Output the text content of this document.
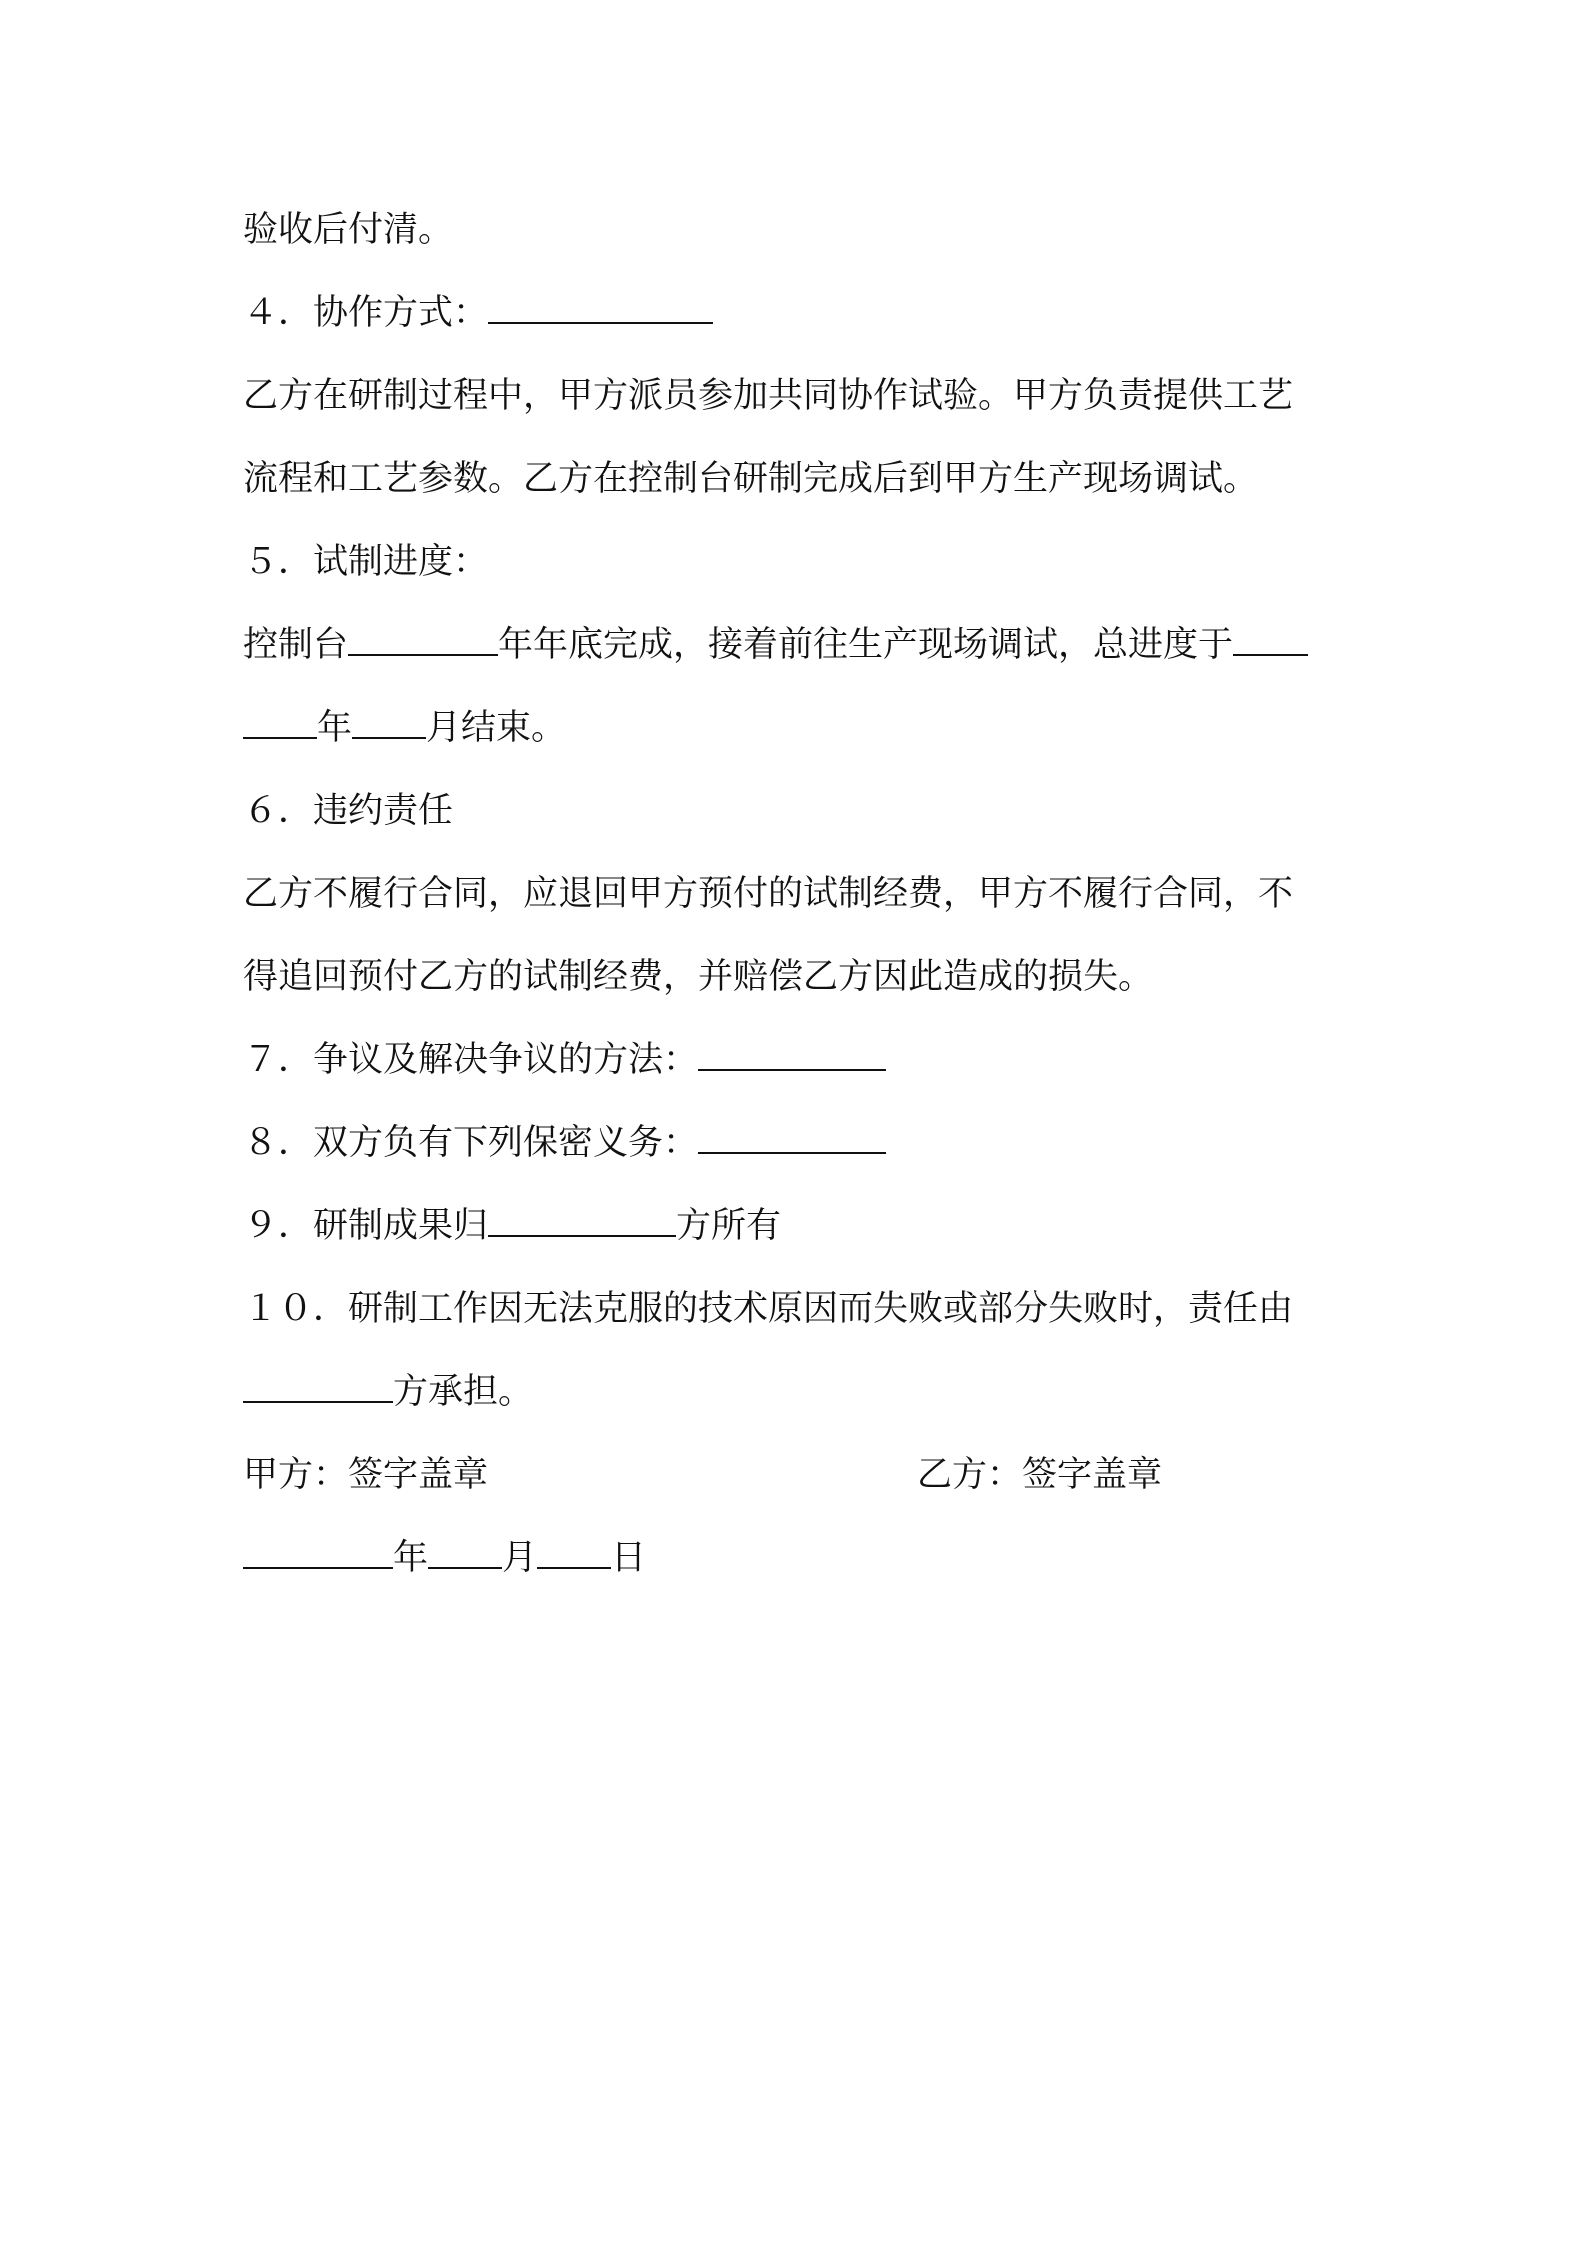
验收后付清。
４．协作方式：
乙方在研制过程中，甲方派员参加共同协作试验。甲方负责提供工艺
流程和工艺参数。乙方在控制台研制完成后到甲方生产现场调试。
５．试制进度：
控制台	年年底完成，接着前往生产现场调试，总进度于
年 月结束。
６．违约责任
乙方不履行合同，应退回甲方预付的试制经费，甲方不履行合同，不
得追回预付乙方的试制经费，并赔偿乙方因此造成的损失。
７．争议及解决争议的方法：
８．双方负有下列保密义务：
９．研制成果归	方所有
１０．研制工作因无法克服的技术原因而失败或部分失败时，责任由
方承担。
甲方：签字盖章	乙方：签字盖章
年 月 日
